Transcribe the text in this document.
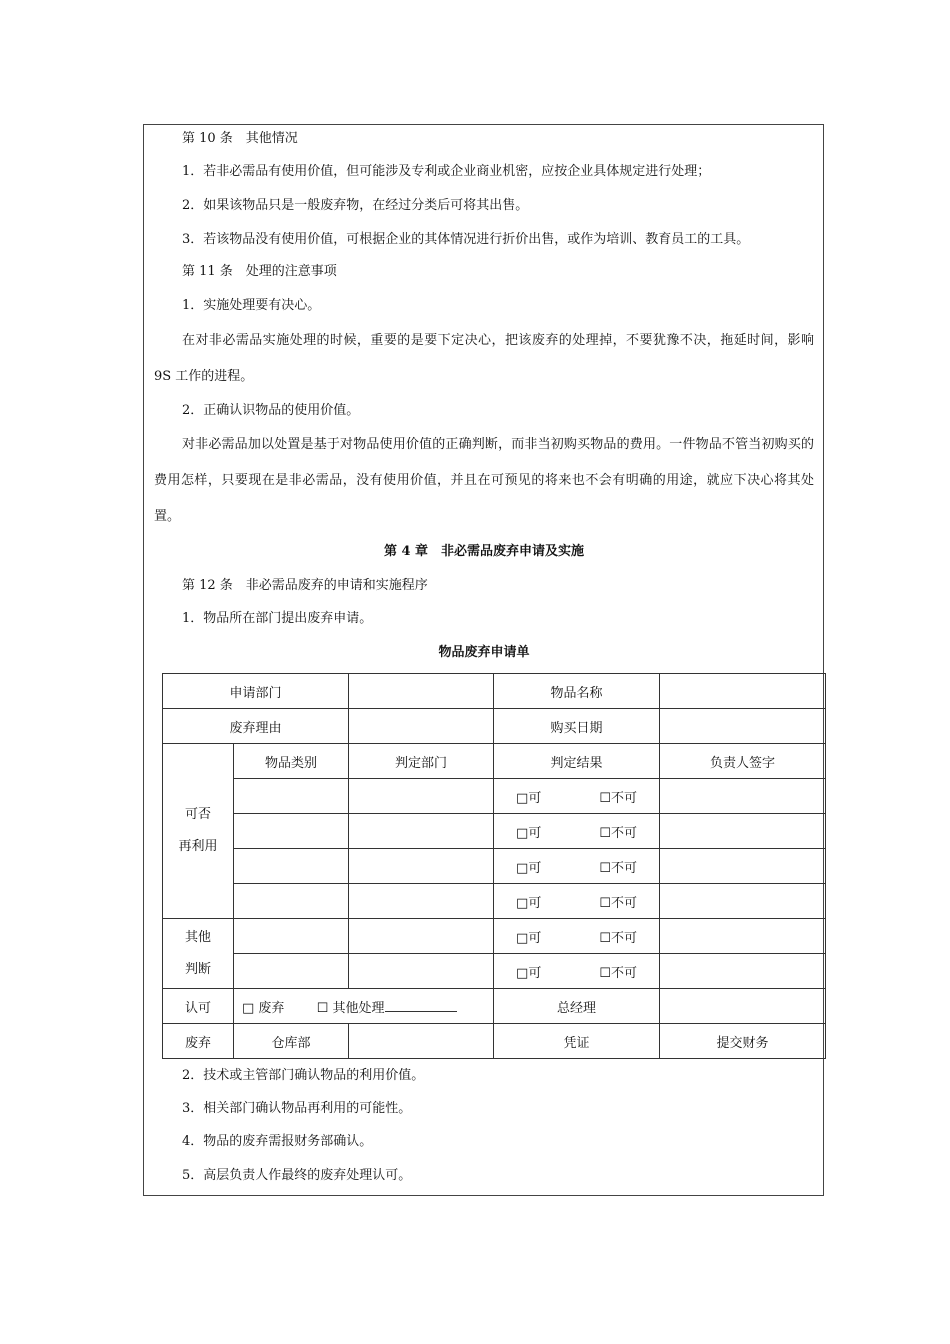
第 10 条　其他情况
1．若非必需品有使用价值，但可能涉及专利或企业商业机密，应按企业具体规定进行处理；
2．如果该物品只是一般废弃物，在经过分类后可将其出售。
3．若该物品没有使用价值，可根据企业的其体情况进行折价出售，或作为培训、教育员工的工具。
第 11 条　处理的注意事项
1．实施处理要有决心。
在对非必需品实施处理的时候，重要的是要下定决心，把该废弃的处理掉，不要犹豫不决，拖延时间，影响 9S 工作的进程。
2．正确认识物品的使用价值。
对非必需品加以处置是基于对物品使用价值的正确判断，而非当初购买物品的费用。一件物品不管当初购买的费用怎样，只要现在是非必需品，没有使用价值，并且在可预见的将来也不会有明确的用途，就应下决心将其处置。
第 4 章　非必需品废弃申请及实施
第 12 条　非必需品废弃的申请和实施程序
1．物品所在部门提出废弃申请。
物品废弃申请单
申请部门			物品名称	
废弃理由			购买日期	
可否
再利用	物品类别	判定部门	判定结果	负责人签字
			□可 ☐不可	
			□可 ☐不可	
			□可 ☐不可	
			□可 ☐不可	
其他
判断			□可 ☐不可	
			□可 ☐不可	
认可	□ 废弃 ☐ 其他处理		总经理	
废弃	仓库部		凭证	提交财务
2．技术或主管部门确认物品的利用价值。
3．相关部门确认物品再利用的可能性。
4．物品的废弃需报财务部确认。
5．高层负责人作最终的废弃处理认可。
